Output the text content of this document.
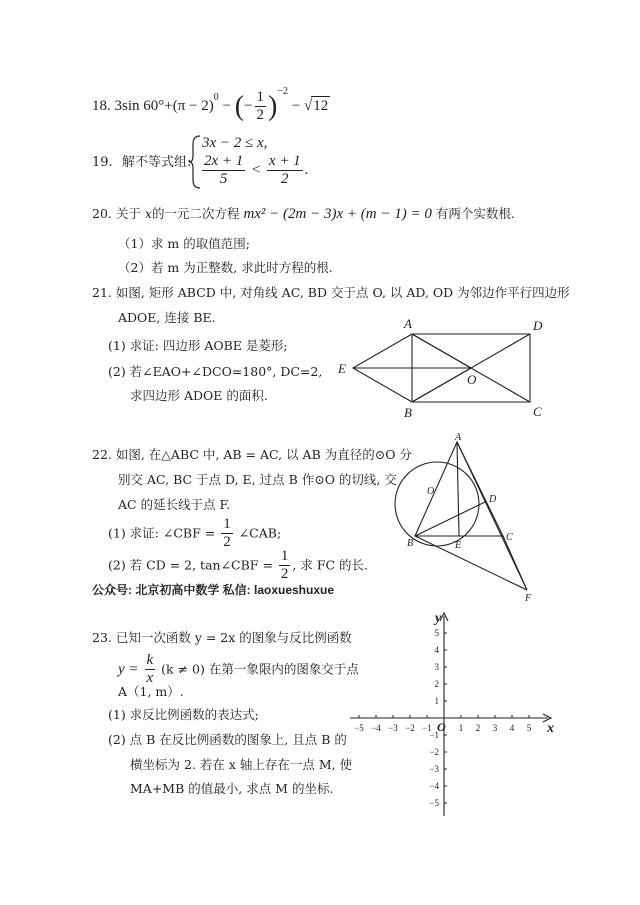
18. 3sin $60^\circ+(\pi - 2)^0$ − (− $\frac{1}{2} )^{-2} - √12$
19. 解不等式组:
3x − 2 ≤ x,
$\frac{2x + 1}{5} < \frac{x + 1}{2}$ .
20. 关于 x的一元二次方程 mx² − (2m − 3)x + (m − 1) = 0 有两个实数根.
（1）求 m 的取值范围;
（2）若 m 为正整数, 求此时方程的根.
21. 如图, 矩形 ABCD 中, 对角线 AC, BD 交于点 O, 以 AD, OD 为邻边作平行四边形
ADOE, 连接 BE.
(1) 求证: 四边形 AOBE 是菱形;
(2) 若∠EAO+∠DCO=180°, DC=2,
求四边形 ADOE 的面积.
A	D
E
O
B	C
22. 如图, 在△ABC 中, AB = AC, 以 AB 为直径的⊙O 分
别交 AC, BC 于点 D, E, 过点 B 作⊙O 的切线, 交
AC 的延长线于点 F.
(1) 求证: ∠CBF = $\frac{1}{2}$ ∠CAB;
(2) 若 CD = 2, tan∠CBF = $\frac{1}{2}$ , 求 FC 的长.
A
O
D
B	E
C
F
公众号: 北京初高中数学 私信: laoxueshuxue
23. 已知一次函数 y = 2x 的图象与反比例函数
$y = \frac{k}{x} (k \ne 0)$ 在第一象限内的图象交于点
A（1, m）.
(1) 求反比例函数的表达式;
(2) 点 B 在反比例函数的图象上, 且点 B 的
横坐标为 2. 若在 x 轴上存在一点 M, 使
MA+MB 的值最小, 求点 M 的坐标.
−5 −4 −3 −2 −1	1 2 3 4 5
5
4
3
2
1
−1
−2
−3
−4
−5
x
y
O
